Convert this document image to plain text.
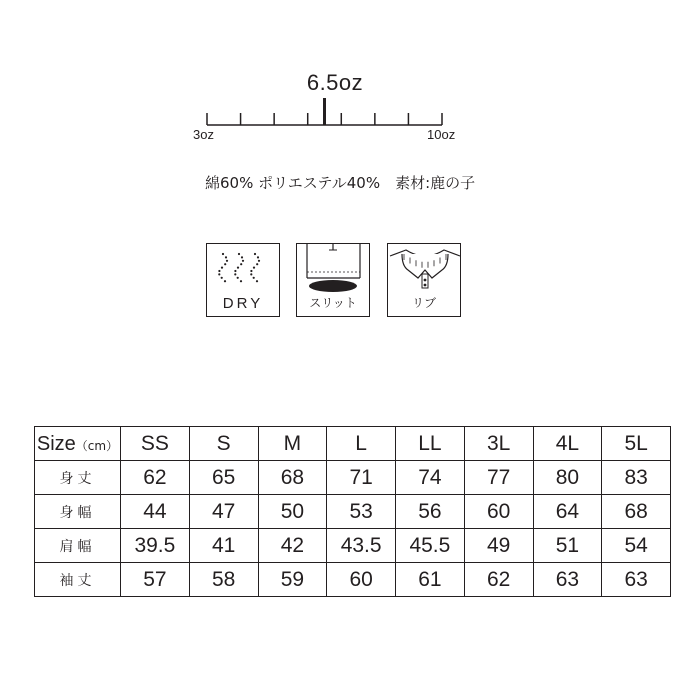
6.5oz
3oz	10oz
綿60% ポリエステル40%　素材:鹿の子
DRY	スリット	リブ
Size（cm）	SS	S	M	L	LL	3L	4L	5L
身丈	62	65	68	71	74	77	80	83
身幅	44	47	50	53	56	60	64	68
肩幅	39.5	41	42	43.5	45.5	49	51	54
袖丈	57	58	59	60	61	62	63	63
